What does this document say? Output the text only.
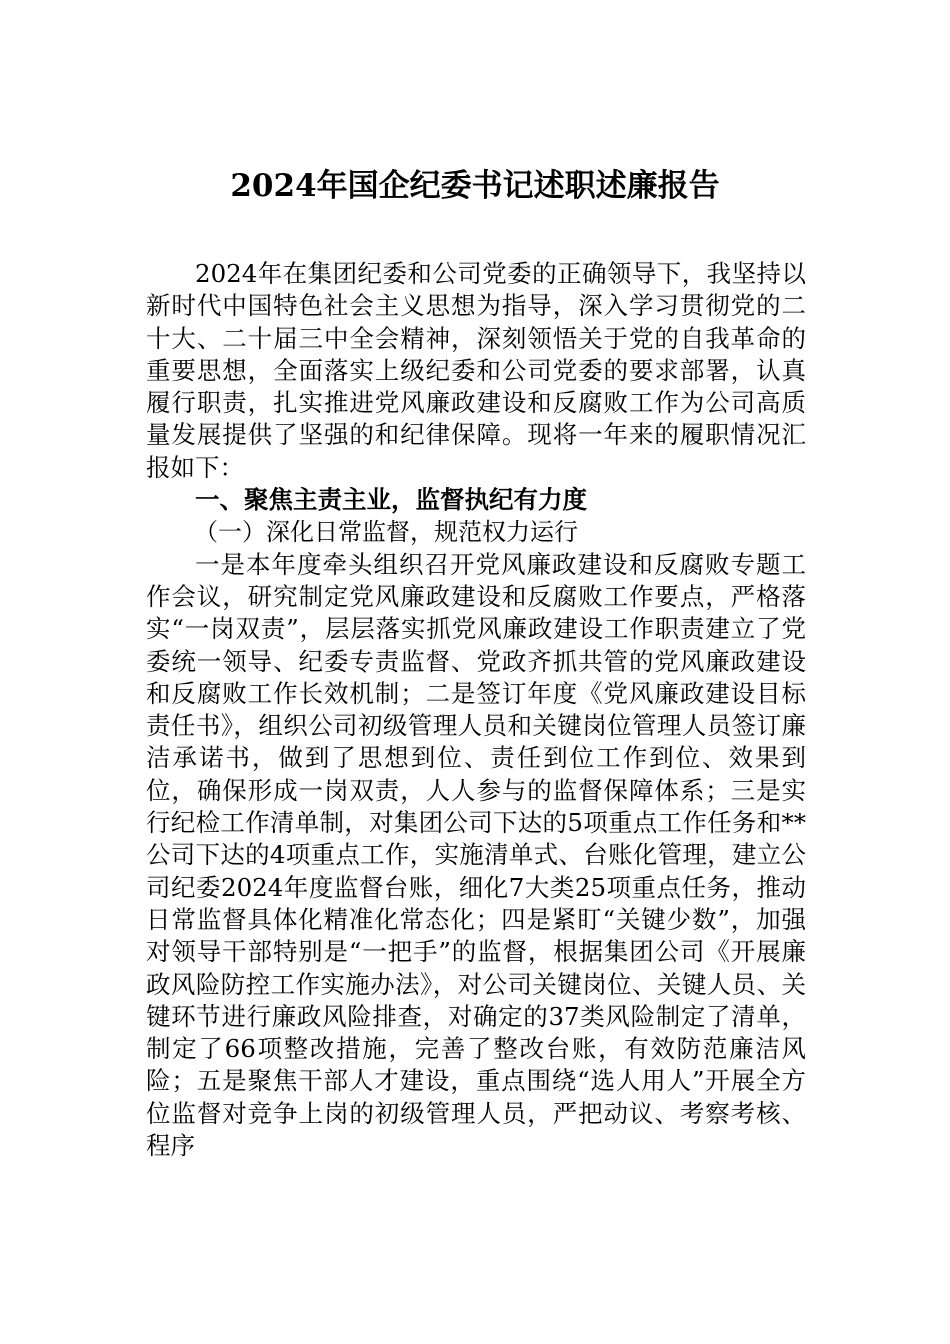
2024年国企纪委书记述职述廉报告

2024年在集团纪委和公司党委的正确领导下，我坚持以新时代中国特色社会主义思想为指导，深入学习贯彻党的二十大、二十届三中全会精神，深刻领悟关于党的自我革命的重要思想，全面落实上级纪委和公司党委的要求部署，认真履行职责，扎实推进党风廉政建设和反腐败工作为公司高质量发展提供了坚强的和纪律保障。现将一年来的履职情况汇报如下：

一、聚焦主责主业，监督执纪有力度

（一）深化日常监督，规范权力运行

一是本年度牵头组织召开党风廉政建设和反腐败专题工作会议，研究制定党风廉政建设和反腐败工作要点，严格落实“一岗双责”，层层落实抓党风廉政建设工作职责建立了党委统一领导、纪委专责监督、党政齐抓共管的党风廉政建设和反腐败工作长效机制；二是签订年度《党风廉政建设目标责任书》，组织公司初级管理人员和关键岗位管理人员签订廉洁承诺书，做到了思想到位、责任到位工作到位、效果到位，确保形成一岗双责，人人参与的监督保障体系；三是实行纪检工作清单制，对集团公司下达的5项重点工作任务和**公司下达的4项重点工作，实施清单式、台账化管理，建立公司纪委2024年度监督台账，细化7大类25项重点任务，推动日常监督具体化精准化常态化；四是紧盯“关键少数”，加强对领导干部特别是“一把手”的监督，根据集团公司《开展廉政风险防控工作实施办法》，对公司关键岗位、关键人员、关键环节进行廉政风险排查，对确定的37类风险制定了清单，制定了66项整改措施，完善了整改台账，有效防范廉洁风险；五是聚焦干部人才建设，重点围绕“选人用人”开展全方位监督对竞争上岗的初级管理人员，严把动议、考察考核、程序
